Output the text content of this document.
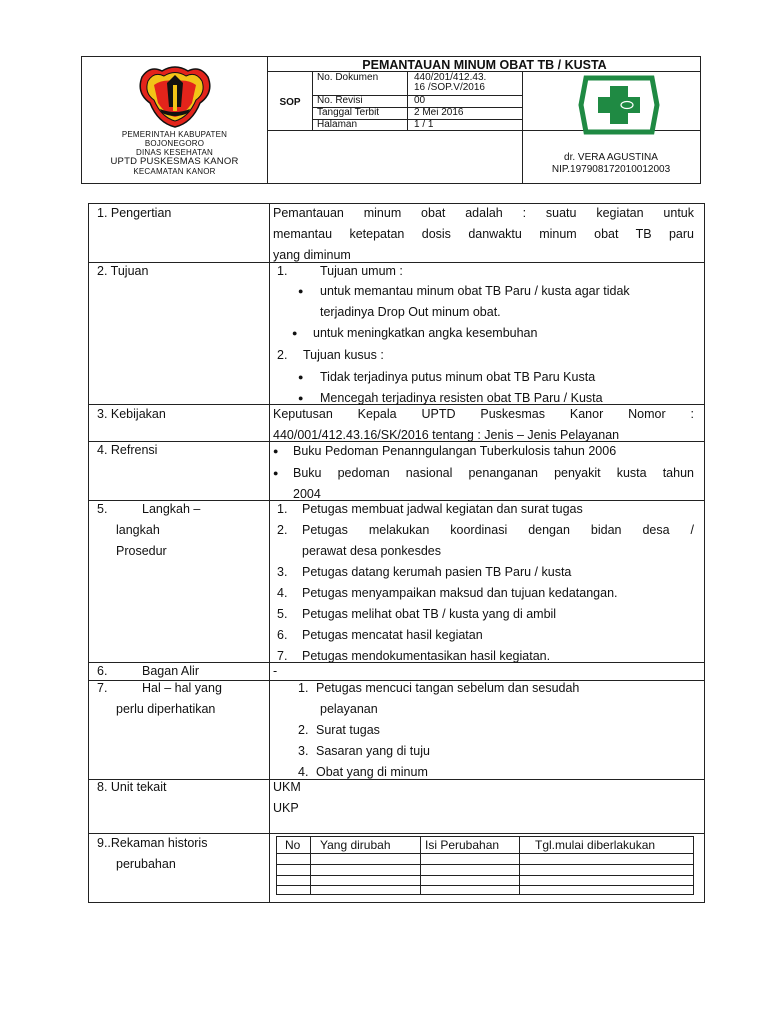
PEMERINTAH KABUPATEN
BOJONEGORO
DINAS KESEHATAN
UPTD PUSKESMAS KANOR
KECAMATAN KANOR
PEMANTAUAN MINUM OBAT TB / KUSTA
SOP
No. Dokumen	440/201/412.43.
16 /SOP.V/2016
No. Revisi	00
Tanggal Terbit	2 Mei 2016
Halaman	1 / 1
dr. VERA AGUSTINA
NIP.197908172010012003
1. Pengertian	Pemantauan minum obat adalah : suatu kegiatan untuk
memantau ketepatan dosis danwaktu minum obat TB paru
yang diminum
2. Tujuan	1.	Tujuan umum :
● untuk memantau minum obat TB Paru / kusta agar tidak
terjadinya Drop Out minum obat.
● untuk meningkatkan angka kesembuhan
2. Tujuan kusus :
● Tidak terjadinya putus minum obat TB Paru Kusta
● Mencegah terjadinya resisten obat TB Paru / Kusta
3. Kebijakan	Keputusan Kepala UPTD Puskesmas Kanor Nomor :
440/001/412.43.16/SK/2016 tentang : Jenis – Jenis Pelayanan
4. Refrensi	● Buku Pedoman Penanngulangan Tuberkulosis tahun 2006
● Buku pedoman nasional penanganan penyakit kusta tahun
2004
5.	Langkah –
langkah
Prosedur
1. Petugas membuat jadwal kegiatan dan surat tugas
2. Petugas melakukan koordinasi dengan bidan desa /
perawat desa ponkesdes
3. Petugas datang kerumah pasien TB Paru / kusta
4. Petugas menyampaikan maksud dan tujuan kedatangan.
5. Petugas melihat obat TB / kusta yang di ambil
6. Petugas mencatat hasil kegiatan
7. Petugas mendokumentasikan hasil kegiatan.
6.	Bagan Alir	-
7.	Hal – hal yang
perlu diperhatikan
1. Petugas mencuci tangan sebelum dan sesudah
pelayanan
2. Surat tugas
3. Sasaran yang di tuju
4. Obat yang di minum
8. Unit tekait	UKM
UKP
9..Rekaman historis
perubahan
No Yang dirubah	Isi Perubahan	Tgl.mulai diberlakukan
